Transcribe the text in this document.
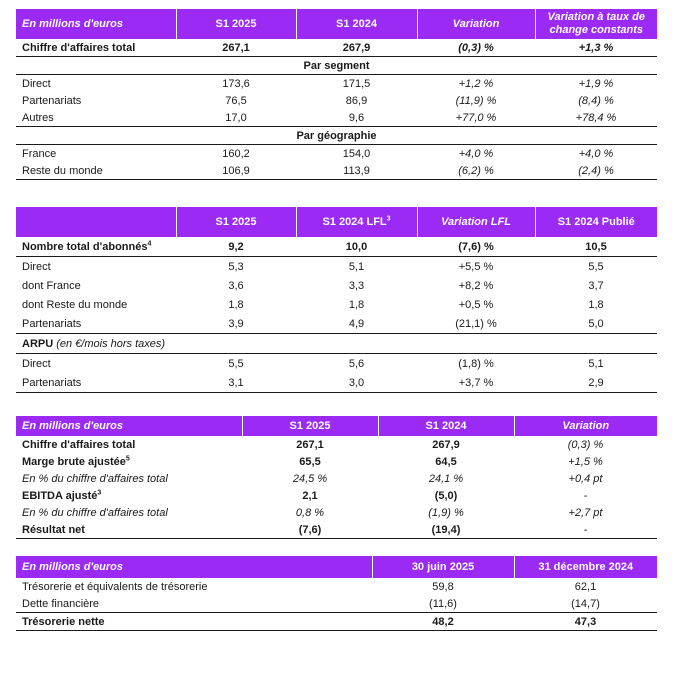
En millions d'euros	S1 2025	S1 2024	Variation	Variation à taux de change constants
Chiffre d'affaires total	267,1	267,9	(0,3) %	+1,3 %
Par segment				
Direct	173,6	171,5	+1,2 %	+1,9 %
Partenariats	76,5	86,9	(11,9) %	(8,4) %
Autres	17,0	9,6	+77,0 %	+78,4 %
Par géographie				
France	160,2	154,0	+4,0 %	+4,0 %
Reste du monde	106,9	113,9	(6,2) %	(2,4) %
	S1 2025	S1 2024 LFL$^3$	Variation LFL	S1 2024 Publié
Nombre total d'abonnés$^4$	9,2	10,0	(7,6) %	10,5
Direct	5,3	5,1	+5,5 %	5,5
dont France	3,6	3,3	+8,2 %	3,7
dont Reste du monde	1,8	1,8	+0,5 %	1,8
Partenariats	3,9	4,9	(21,1) %	5,0
ARPU (en €/mois hors taxes)				
Direct	5,5	5,6	(1,8) %	5,1
Partenariats	3,1	3,0	+3,7 %	2,9
En millions d'euros	S1 2025	S1 2024	Variation
Chiffre d'affaires total	267,1	267,9	(0,3) %
Marge brute ajustée$^5$	65,5	64,5	+1,5 %
En % du chiffre d'affaires total	24,5 %	24,1 %	+0,4 pt
EBITDA ajusté$^3$	2,1	(5,0)	-
En % du chiffre d'affaires total	0,8 %	(1,9) %	+2,7 pt
Résultat net	(7,6)	(19,4)	-
En millions d'euros	30 juin 2025	31 décembre 2024
Trésorerie et équivalents de trésorerie	59,8	62,1
Dette financière	(11,6)	(14,7)
Trésorerie nette	48,2	47,3
